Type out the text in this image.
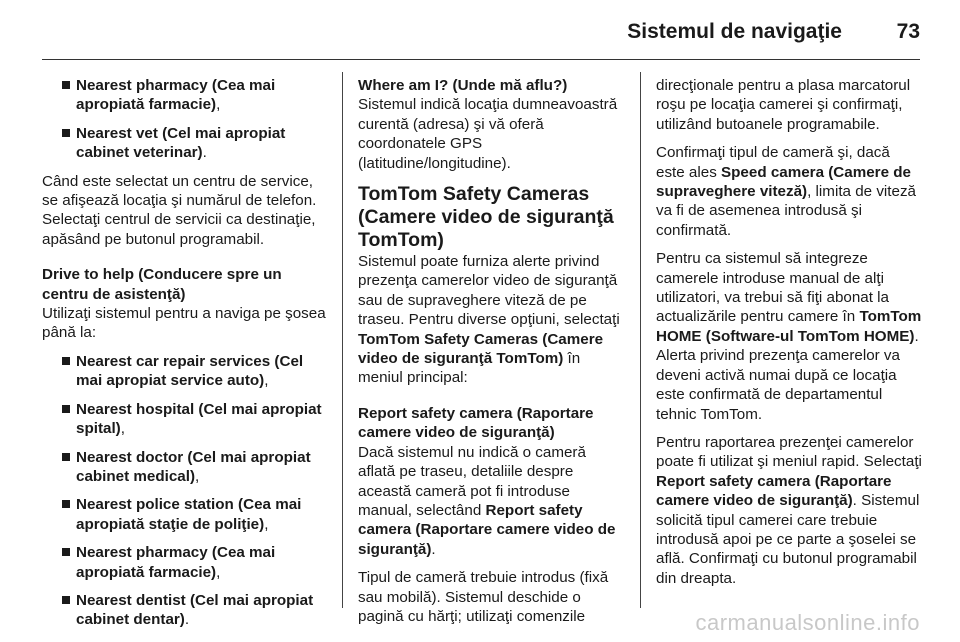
Sistemul de navigaţie	73
Nearest pharmacy (Cea mai apropiată farmacie),
Nearest vet (Cel mai apropiat cabinet veterinar).

Când este selectat un centru de service, se afişează locaţia şi numărul de telefon. Selectaţi centrul de servicii ca destinaţie, apăsând pe butonul programabil.

Drive to help (Conducere spre un centru de asistenţă)
Utilizaţi sistemul pentru a naviga pe şosea până la:

Nearest car repair services (Cel mai apropiat service auto),
Nearest hospital (Cel mai apropiat spital),
Nearest doctor (Cel mai apropiat cabinet medical),
Nearest police station (Cea mai apropiată staţie de poliţie),
Nearest pharmacy (Cea mai apropiată farmacie),
Nearest dentist (Cel mai apropiat cabinet dentar).

Where am I? (Unde mă aflu?)
Sistemul indică locaţia dumneavoastră curentă (adresa) şi vă oferă coordonatele GPS (latitudine/longitudine).

TomTom Safety Cameras (Camere video de siguranţă TomTom)

Sistemul poate furniza alerte privind prezenţa camerelor video de siguranţă sau de supraveghere viteză de pe traseu. Pentru diverse opţiuni, selectaţi TomTom Safety Cameras (Camere video de siguranţă TomTom) în meniul principal:

Report safety camera (Raportare camere video de siguranţă)
Dacă sistemul nu indică o cameră aflată pe traseu, detaliile despre această cameră pot fi introduse manual, selectând Report safety camera (Raportare camere video de siguranţă).

Tipul de cameră trebuie introdus (fixă sau mobilă). Sistemul deschide o pagină cu hărţi; utilizaţi comenzile

direcţionale pentru a plasa marcatorul roşu pe locaţia camerei şi confirmaţi, utilizând butoanele programabile.

Confirmaţi tipul de cameră şi, dacă este ales Speed camera (Camere de supraveghere viteză), limita de viteză va fi de asemenea introdusă şi confirmată.

Pentru ca sistemul să integreze camerele introduse manual de alţi utilizatori, va trebui să fiţi abonat la actualizările pentru camere în TomTom HOME (Software-ul TomTom HOME). Alerta privind prezenţa camerelor va deveni activă numai după ce locaţia este confirmată de departamentul tehnic TomTom.

Pentru raportarea prezenţei camerelor poate fi utilizat şi meniul rapid. Selectaţi Report safety camera (Raportare camere video de siguranţă). Sistemul solicită tipul camerei care trebuie introdusă apoi pe ce parte a şoselei se află. Confirmaţi cu butonul programabil din dreapta.

carmanualsonline.info
